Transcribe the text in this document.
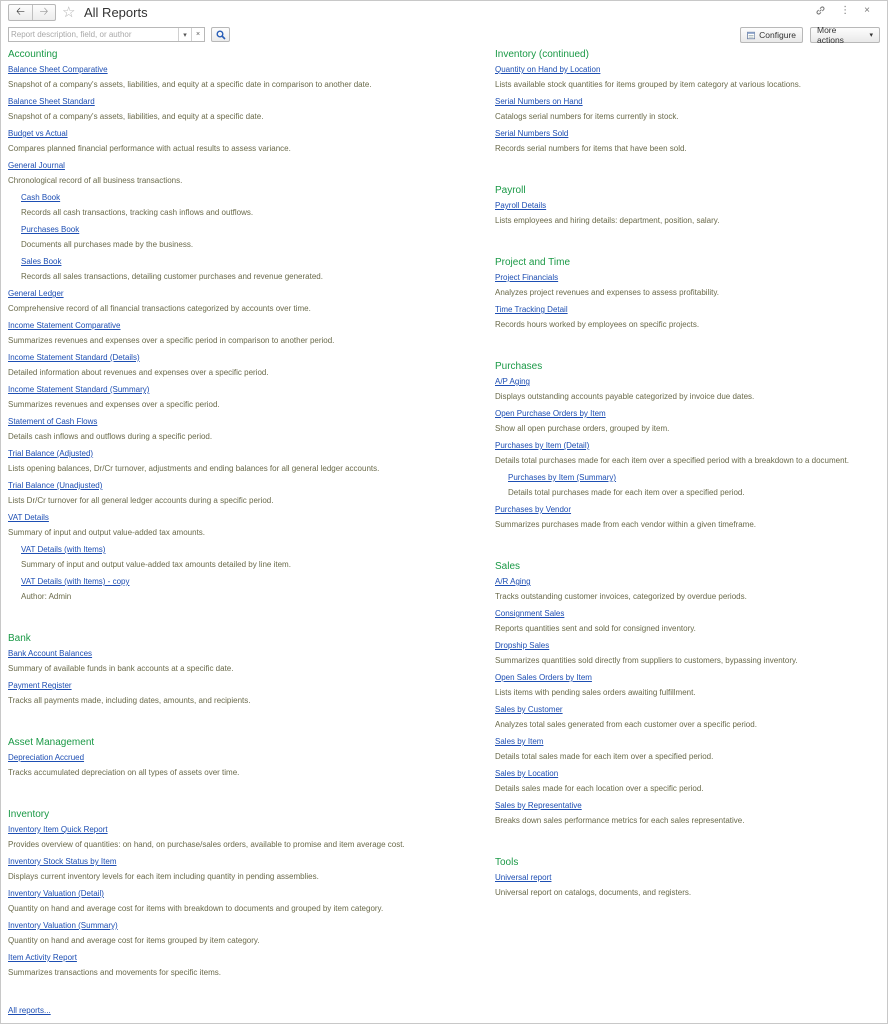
🡠 🡢 ☆ All Reports	⋮ ×
Report description, field, or author
▾ ×	Configure More actions	▾
Accounting
Balance Sheet Comparative
Snapshot of a company's assets, liabilities, and equity at a specific date in comparison to another date.
Balance Sheet Standard
Snapshot of a company's assets, liabilities, and equity at a specific date.
Budget vs Actual
Compares planned financial performance with actual results to assess variance.
General Journal
Chronological record of all business transactions.
Cash Book
Records all cash transactions, tracking cash inflows and outflows.
Purchases Book
Documents all purchases made by the business.
Sales Book
Records all sales transactions, detailing customer purchases and revenue generated.
General Ledger
Comprehensive record of all financial transactions categorized by accounts over time.
Income Statement Comparative
Summarizes revenues and expenses over a specific period in comparison to another period.
Income Statement Standard (Details)
Detailed information about revenues and expenses over a specific period.
Income Statement Standard (Summary)
Summarizes revenues and expenses over a specific period.
Statement of Cash Flows
Details cash inflows and outflows during a specific period.
Trial Balance (Adjusted)
Lists opening balances, Dr/Cr turnover, adjustments and ending balances for all general ledger accounts.
Trial Balance (Unadjusted)
Lists Dr/Cr turnover for all general ledger accounts during a specific period.
VAT Details
Summary of input and output value-added tax amounts.
VAT Details (with Items)
Summary of input and output value-added tax amounts detailed by line item.
VAT Details (with Items) - copy
Author: Admin
Bank
Bank Account Balances
Summary of available funds in bank accounts at a specific date.
Payment Register
Tracks all payments made, including dates, amounts, and recipients.
Asset Management
Depreciation Accrued
Tracks accumulated depreciation on all types of assets over time.
Inventory
Inventory Item Quick Report
Provides overview of quantities: on hand, on purchase/sales orders, available to promise and item average cost.
Inventory Stock Status by Item
Displays current inventory levels for each item including quantity in pending assemblies.
Inventory Valuation (Detail)
Quantity on hand and average cost for items with breakdown to documents and grouped by item category.
Inventory Valuation (Summary)
Quantity on hand and average cost for items grouped by item category.
Item Activity Report
Summarizes transactions and movements for specific items.
Inventory (continued)
Quantity on Hand by Location
Lists available stock quantities for items grouped by item category at various locations.
Serial Numbers on Hand
Catalogs serial numbers for items currently in stock.
Serial Numbers Sold
Records serial numbers for items that have been sold.
Payroll
Payroll Details
Lists employees and hiring details: department, position, salary.
Project and Time
Project Financials
Analyzes project revenues and expenses to assess profitability.
Time Tracking Detail
Records hours worked by employees on specific projects.
Purchases
A/P Aging
Displays outstanding accounts payable categorized by invoice due dates.
Open Purchase Orders by Item
Show all open purchase orders, grouped by item.
Purchases by Item (Detail)
Details total purchases made for each item over a specified period with a breakdown to a document.
Purchases by Item (Summary)
Details total purchases made for each item over a specified period.
Purchases by Vendor
Summarizes purchases made from each vendor within a given timeframe.
Sales
A/R Aging
Tracks outstanding customer invoices, categorized by overdue periods.
Consignment Sales
Reports quantities sent and sold for consigned inventory.
Dropship Sales
Summarizes quantities sold directly from suppliers to customers, bypassing inventory.
Open Sales Orders by Item
Lists items with pending sales orders awaiting fulfillment.
Sales by Customer
Analyzes total sales generated from each customer over a specific period.
Sales by Item
Details total sales made for each item over a specified period.
Sales by Location
Details sales made for each location over a specific period.
Sales by Representative
Breaks down sales performance metrics for each sales representative.
Tools
Universal report
Universal report on catalogs, documents, and registers.
All reports...
